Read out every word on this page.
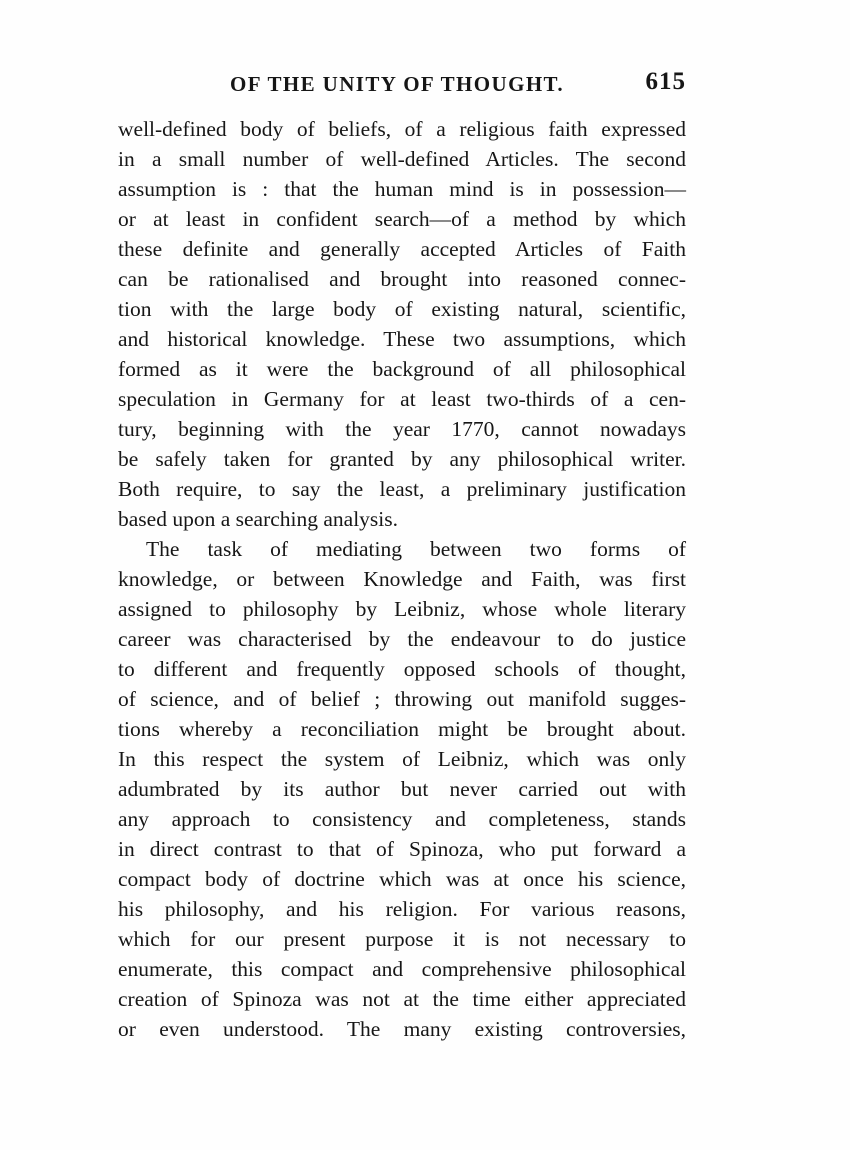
OF THE UNITY OF THOUGHT.	615
well-defined body of beliefs, of a religious faith expressed
in a small number of well-defined Articles. The second
assumption is : that the human mind is in possession—
or at least in confident search—of a method by which
these definite and generally accepted Articles of Faith
can be rationalised and brought into reasoned connec-
tion with the large body of existing natural, scientific,
and historical knowledge. These two assumptions, which
formed as it were the background of all philosophical
speculation in Germany for at least two-thirds of a cen-
tury, beginning with the year 1770, cannot nowadays
be safely taken for granted by any philosophical writer.
Both require, to say the least, a preliminary justification
based upon a searching analysis.
The task of mediating between two forms of
knowledge, or between Knowledge and Faith, was first
assigned to philosophy by Leibniz, whose whole literary
career was characterised by the endeavour to do justice
to different and frequently opposed schools of thought,
of science, and of belief ; throwing out manifold sugges-
tions whereby a reconciliation might be brought about.
In this respect the system of Leibniz, which was only
adumbrated by its author but never carried out with
any approach to consistency and completeness, stands
in direct contrast to that of Spinoza, who put forward a
compact body of doctrine which was at once his science,
his philosophy, and his religion. For various reasons,
which for our present purpose it is not necessary to
enumerate, this compact and comprehensive philosophical
creation of Spinoza was not at the time either appreciated
or even understood. The many existing controversies,
